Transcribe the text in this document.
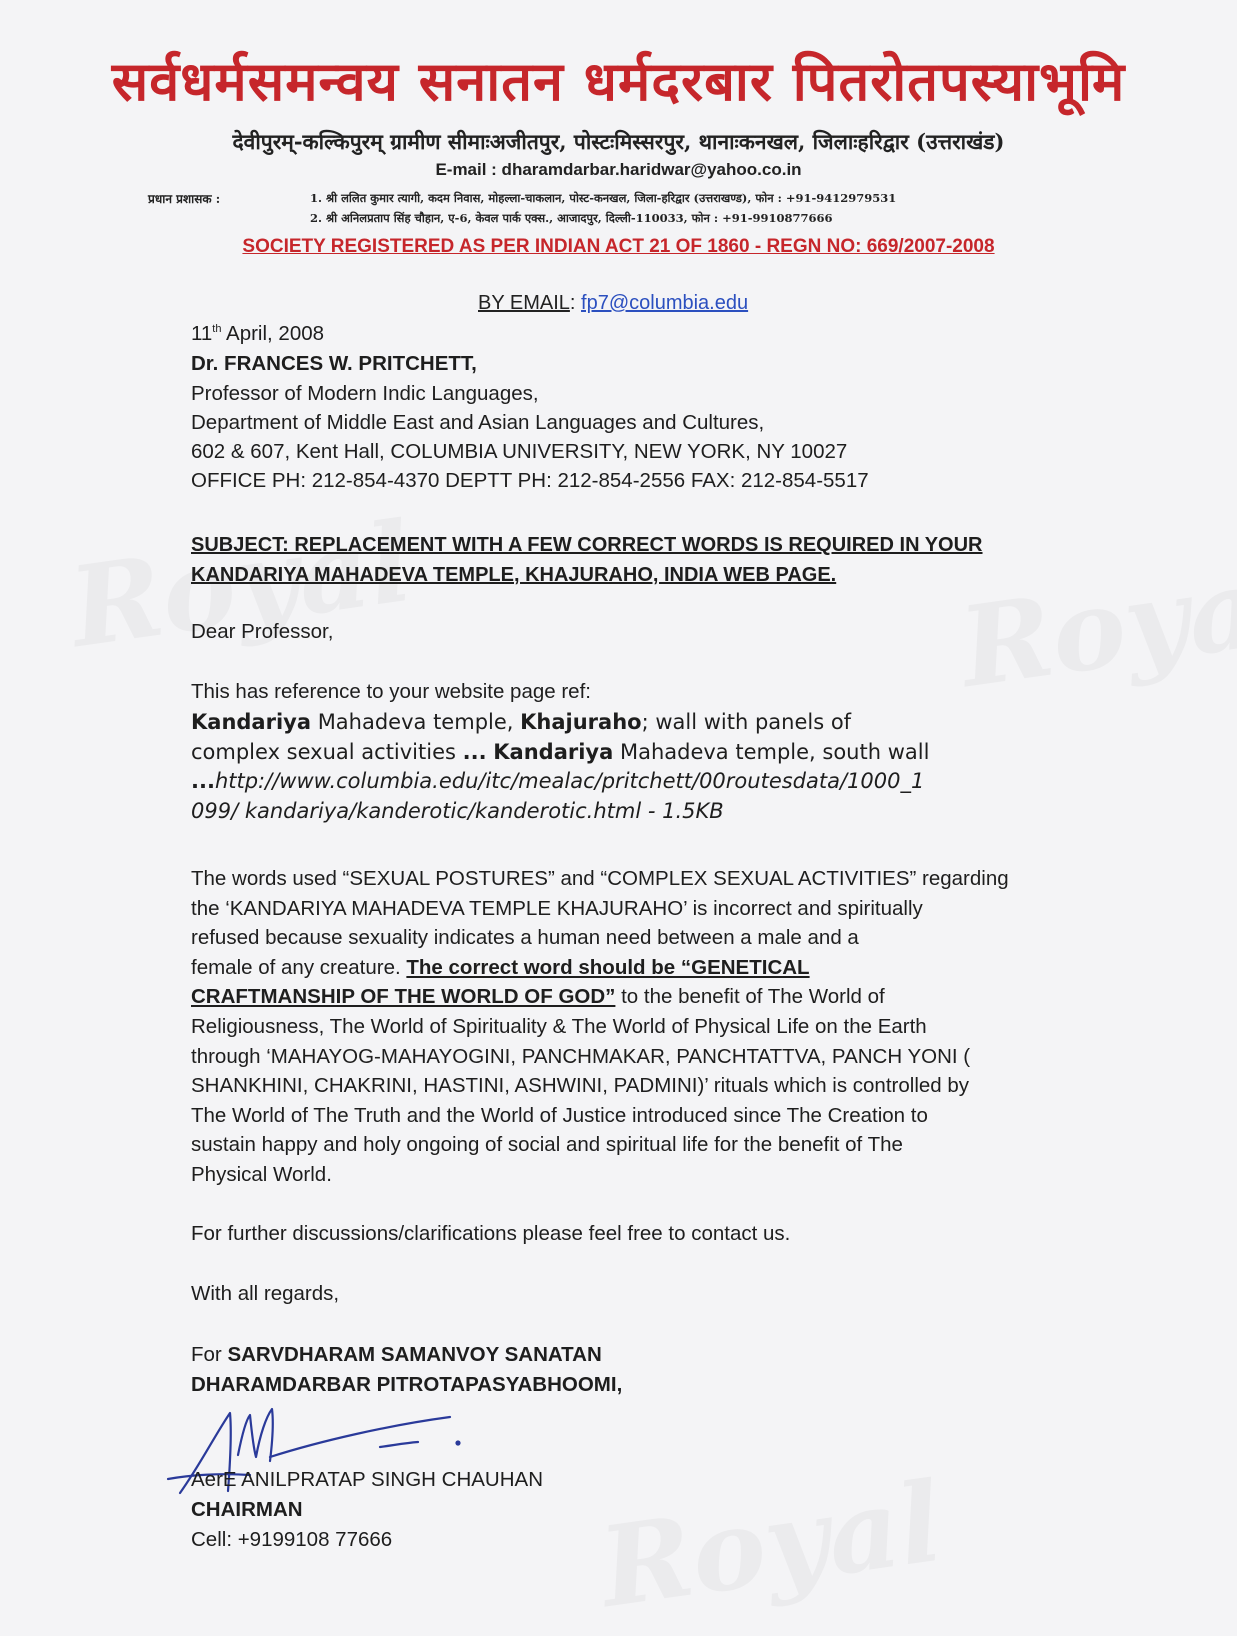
सर्वधर्मसमन्वय सनातन धर्मदरबार पितरोतपस्याभूमि
देवीपुरम्-कल्किपुरम् ग्रामीण सीमाःअजीतपुर, पोस्टःमिस्सरपुर, थानाःकनखल, जिलाःहरिद्वार (उत्तराखंड)
E-mail : dharamdarbar.haridwar@yahoo.co.in
प्रधान प्रशासक :	1. श्री ललित कुमार त्यागी, कदम निवास, मोहल्ला-चाकलान, पोस्ट-कनखल, जिला-हरिद्वार (उत्तराखण्ड), फोन : +91-9412979531
2. श्री अनिलप्रताप सिंह चौहान, ए-6, केवल पार्क एक्स., आजादपुर, दिल्ली-110033, फोन : +91-9910877666
SOCIETY REGISTERED AS PER INDIAN ACT 21 OF 1860 - REGN NO: 669/2007-2008
BY EMAIL: fp7@columbia.edu
11th April, 2008
Dr. FRANCES W. PRITCHETT,
Professor of Modern Indic Languages,
Department of Middle East and Asian Languages and Cultures,
602 & 607, Kent Hall, COLUMBIA UNIVERSITY, NEW YORK, NY 10027
OFFICE PH: 212-854-4370 DEPTT PH: 212-854-2556 FAX: 212-854-5517
SUBJECT: REPLACEMENT WITH A FEW CORRECT WORDS IS REQUIRED IN YOUR
KANDARIYA MAHADEVA TEMPLE, KHAJURAHO, INDIA WEB PAGE.
Dear Professor,
This has reference to your website page ref:
Kandariya Mahadeva temple, Khajuraho; wall with panels of
complex sexual activities ... Kandariya Mahadeva temple, south wall
...http://www.columbia.edu/itc/mealac/pritchett/00routesdata/1000_1
099/ kandariya/kanderotic/kanderotic.html - 1.5KB
The words used “SEXUAL POSTURES” and “COMPLEX SEXUAL ACTIVITIES” regarding
the ‘KANDARIYA MAHADEVA TEMPLE KHAJURAHO’ is incorrect and spiritually
refused because sexuality indicates a human need between a male and a
female of any creature. The correct word should be “GENETICAL
CRAFTMANSHIP OF THE WORLD OF GOD” to the benefit of The World of
Religiousness, The World of Spirituality & The World of Physical Life on the Earth
through ‘MAHAYOG-MAHAYOGINI, PANCHMAKAR, PANCHTATTVA, PANCH YONI (
SHANKHINI, CHAKRINI, HASTINI, ASHWINI, PADMINI)’ rituals which is controlled by
The World of The Truth and the World of Justice introduced since The Creation to
sustain happy and holy ongoing of social and spiritual life for the benefit of The
Physical World.
For further discussions/clarifications please feel free to contact us.
With all regards,
For SARVDHARAM SAMANVOY SANATAN
DHARAMDARBAR PITROTAPASYABHOOMI,
AerE ANILPRATAP SINGH CHAUHAN
CHAIRMAN
Cell: +9199108 77666
